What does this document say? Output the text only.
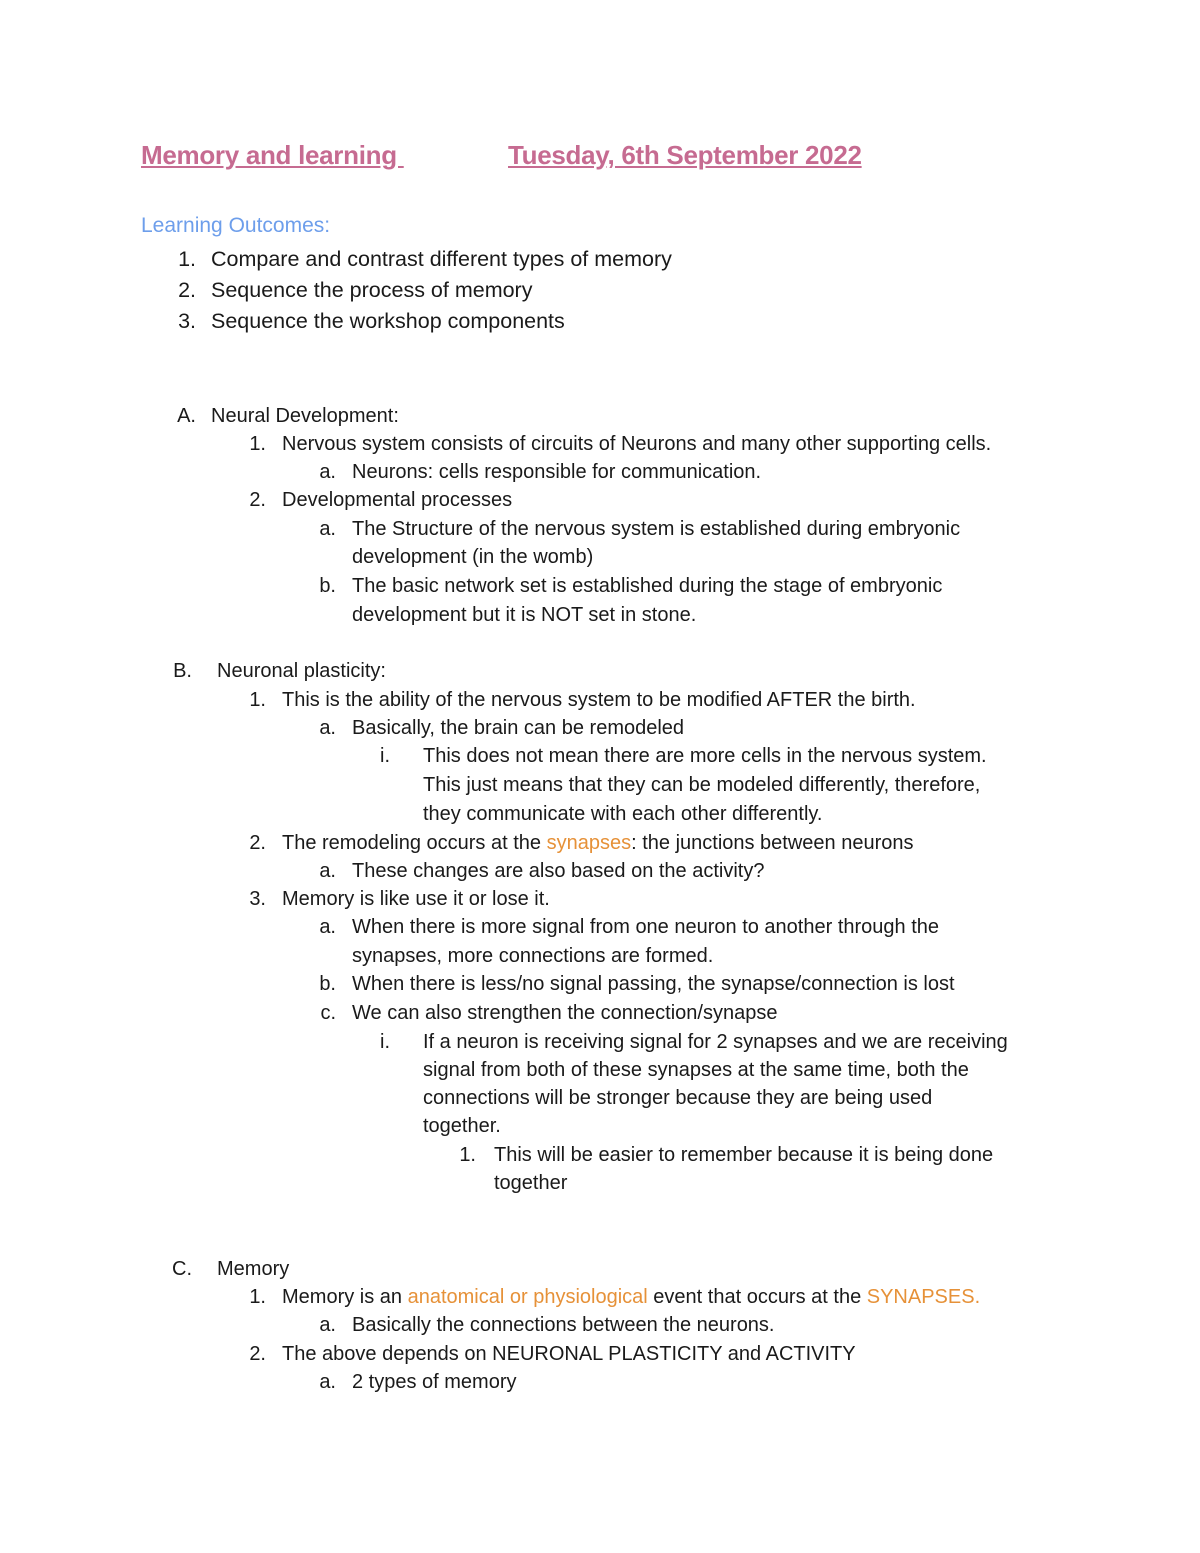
Memory and learning	Tuesday, 6th September 2022
Learning Outcomes:
1. Compare and contrast different types of memory
2. Sequence the process of memory
3. Sequence the workshop components
A. Neural Development:
1. Nervous system consists of circuits of Neurons and many other supporting cells.
a. Neurons: cells responsible for communication.
2. Developmental processes
a. The Structure of the nervous system is established during embryonic
development (in the womb)
b. The basic network set is established during the stage of embryonic
development but it is NOT set in stone.
B. Neuronal plasticity:
1. This is the ability of the nervous system to be modified AFTER the birth.
a. Basically, the brain can be remodeled
i. This does not mean there are more cells in the nervous system.
This just means that they can be modeled differently, therefore,
they communicate with each other differently.
2. The remodeling occurs at the synapses: the junctions between neurons
a. These changes are also based on the activity?
3. Memory is like use it or lose it.
a. When there is more signal from one neuron to another through the
synapses, more connections are formed.
b. When there is less/no signal passing, the synapse/connection is lost
c. We can also strengthen the connection/synapse
i. If a neuron is receiving signal for 2 synapses and we are receiving
signal from both of these synapses at the same time, both the
connections will be stronger because they are being used
together.
1. This will be easier to remember because it is being done
together
C. Memory
1. Memory is an anatomical or physiological event that occurs at the SYNAPSES.
a. Basically the connections between the neurons.
2. The above depends on NEURONAL PLASTICITY and ACTIVITY
a. 2 types of memory
